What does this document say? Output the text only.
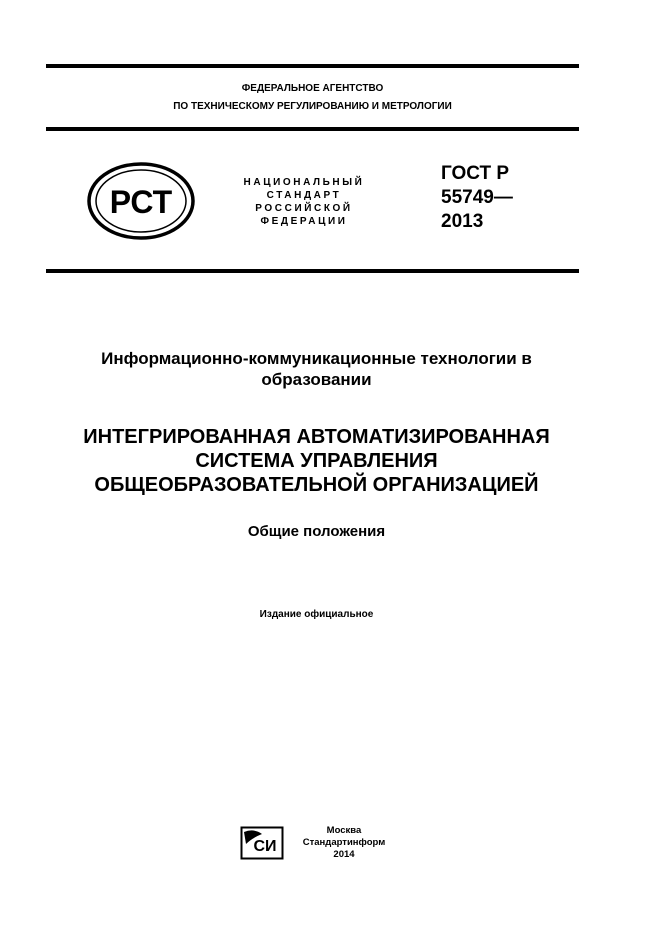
ФЕДЕРАЛЬНОЕ АГЕНТСТВО
ПО ТЕХНИЧЕСКОМУ РЕГУЛИРОВАНИЮ И МЕТРОЛОГИИ
РСТ
НАЦИОНАЛЬНЫЙ
СТАНДАРТ
РОССИЙСКОЙ
ФЕДЕРАЦИИ
ГОСТ Р
55749—
2013
Информационно-коммуникационные технологии в
образовании
ИНТЕГРИРОВАННАЯ АВТОМАТИЗИРОВАННАЯ
СИСТЕМА УПРАВЛЕНИЯ
ОБЩЕОБРАЗОВАТЕЛЬНОЙ ОРГАНИЗАЦИЕЙ
Общие положения
Издание официальное
СИ
Москва
Стандартинформ
2014
